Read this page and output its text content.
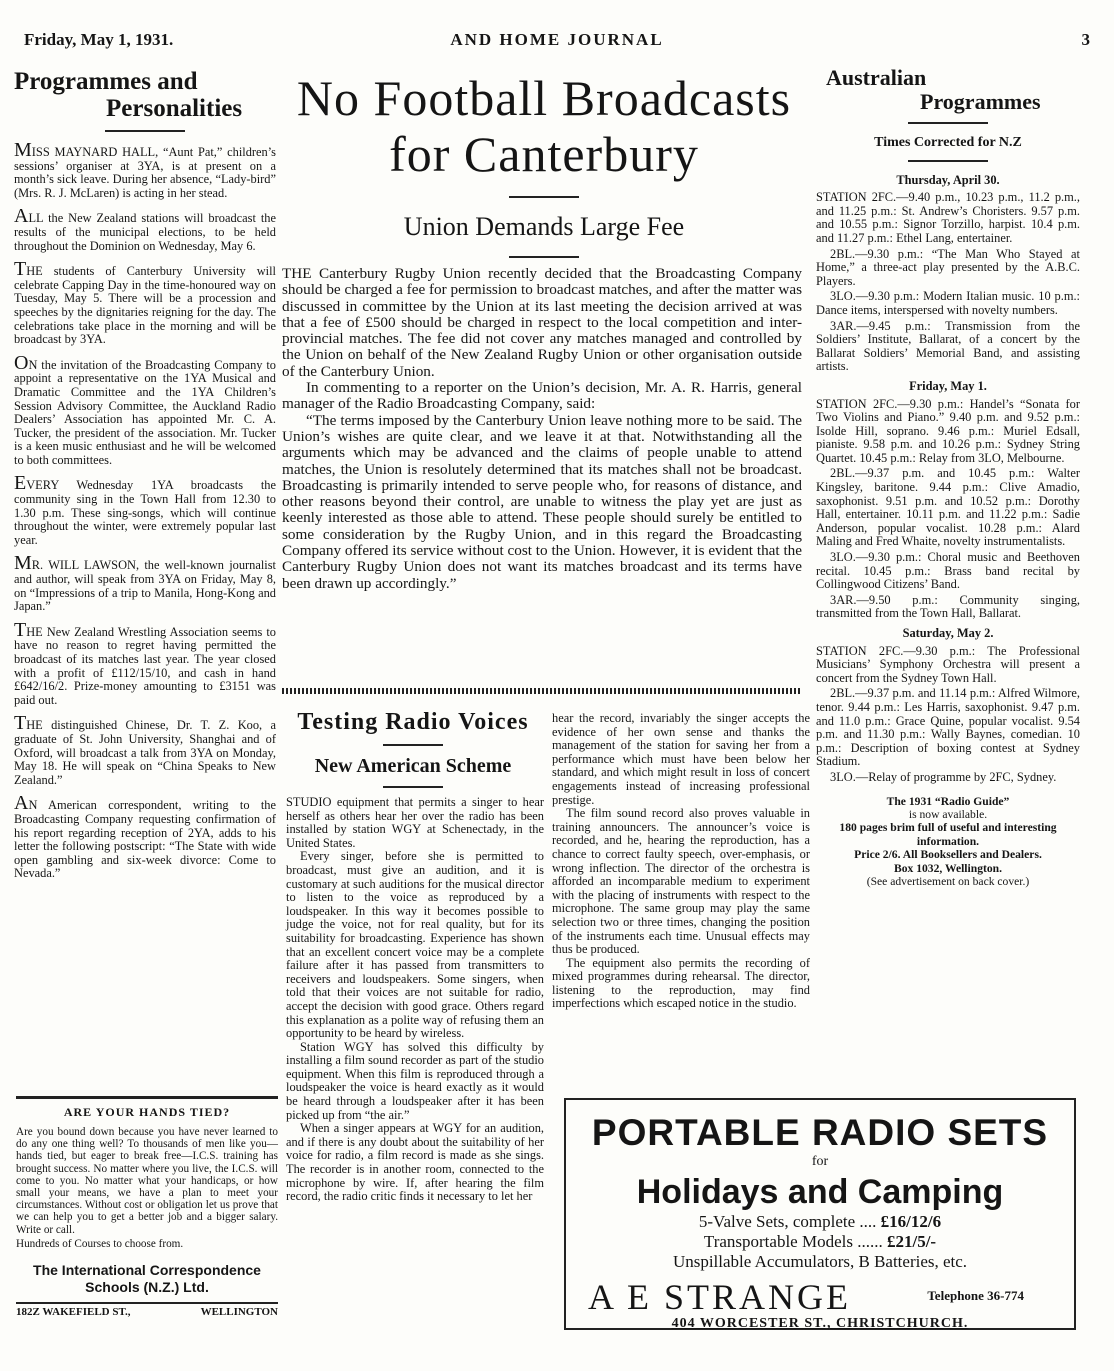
Friday, May 1, 1931.	AND HOME JOURNAL	3
Programmes and
Personalities

MISS MAYNARD HALL, “Aunt Pat,” children’s sessions’ organiser at 3YA, is at present on a month’s sick leave. During her absence, “Lady-bird” (Mrs. R. J. McLaren) is acting in her stead.

ALL the New Zealand stations will broadcast the results of the municipal elections, to be held throughout the Dominion on Wednesday, May 6.

THE students of Canterbury University will celebrate Capping Day in the time-honoured way on Tuesday, May 5. There will be a procession and speeches by the dignitaries reigning for the day. The celebrations take place in the morning and will be broadcast by 3YA.

ON the invitation of the Broadcasting Company to appoint a representative on the 1YA Musical and Dramatic Committee and the 1YA Children’s Session Advisory Committee, the Auckland Radio Dealers’ Association has appointed Mr. C. A. Tucker, the president of the association. Mr. Tucker is a keen music enthusiast and he will be welcomed to both committees.

EVERY Wednesday 1YA broadcasts the community sing in the Town Hall from 12.30 to 1.30 p.m. These sing-songs, which will continue throughout the winter, were extremely popular last year.

MR. WILL LAWSON, the well-known journalist and author, will speak from 3YA on Friday, May 8, on “Impressions of a trip to Manila, Hong-Kong and Japan.”

THE New Zealand Wrestling Association seems to have no reason to regret having permitted the broadcast of its matches last year. The year closed with a profit of £112/15/10, and cash in hand £642/16/2. Prize-money amounting to £3151 was paid out.

THE distinguished Chinese, Dr. T. Z. Koo, a graduate of St. John University, Shanghai and of Oxford, will broadcast a talk from 3YA on Monday, May 18. He will speak on “China Speaks to New Zealand.”

AN American correspondent, writing to the Broadcasting Company requesting confirmation of his report regarding reception of 2YA, adds to his letter the following postscript: “The State with wide open gambling and six-week divorce: Come to Nevada.”

No Football Broadcasts for Canterbury
Union Demands Large Fee

THE Canterbury Rugby Union recently decided that the Broadcasting Company should be charged a fee for permission to broadcast matches, and after the matter was discussed in committee by the Union at its last meeting the decision arrived at was that a fee of £500 should be charged in respect to the local competition and inter-provincial matches. The fee did not cover any matches managed and controlled by the Union on behalf of the New Zealand Rugby Union or other organisation outside of the Canterbury Union.

In commenting to a reporter on the Union’s decision, Mr. A. R. Harris, general manager of the Radio Broadcasting Company, said:

“The terms imposed by the Canterbury Union leave nothing more to be said. The Union’s wishes are quite clear, and we leave it at that. Notwithstanding all the arguments which may be advanced and the claims of people unable to attend matches, the Union is resolutely determined that its matches shall not be broadcast. Broadcasting is primarily intended to serve people who, for reasons of distance, and other reasons beyond their control, are unable to witness the play yet are just as keenly interested as those able to attend. These people should surely be entitled to some consideration by the Rugby Union, and in this regard the Broadcasting Company offered its service without cost to the Union. However, it is evident that the Canterbury Rugby Union does not want its matches broadcast and its terms have been drawn up accordingly.”

Testing Radio Voices
New American Scheme

STUDIO equipment that permits a singer to hear herself as others hear her over the radio has been installed by station WGY at Schenectady, in the United States.

Every singer, before she is permitted to broadcast, must give an audition, and it is customary at such auditions for the musical director to listen to the voice as reproduced by a loudspeaker. In this way it becomes possible to judge the voice, not for real quality, but for its suitability for broadcasting. Experience has shown that an excellent concert voice may be a complete failure after it has passed from transmitters to receivers and loudspeakers. Some singers, when told that their voices are not suitable for radio, accept the decision with good grace. Others regard this explanation as a polite way of refusing them an opportunity to be heard by wireless.

Station WGY has solved this difficulty by installing a film sound recorder as part of the studio equipment. When this film is reproduced through a loudspeaker the voice is heard exactly as it would be heard through a loudspeaker after it has been picked up from “the air.”

When a singer appears at WGY for an audition, and if there is any doubt about the suitability of her voice for radio, a film record is made as she sings. The recorder is in another room, connected to the microphone by wire. If, after hearing the film record, the radio critic finds it necessary to let her

hear the record, invariably the singer accepts the evidence of her own sense and thanks the management of the station for saving her from a performance which must have been below her standard, and which might result in loss of concert engagements instead of increasing professional prestige.

The film sound record also proves valuable in training announcers. The announcer’s voice is recorded, and he, hearing the reproduction, has a chance to correct faulty speech, over-emphasis, or wrong inflection. The director of the orchestra is afforded an incomparable medium to experiment with the placing of instruments with respect to the microphone. The same group may play the same selection two or three times, changing the position of the instruments each time. Unusual effects may thus be produced.

The equipment also permits the recording of mixed programmes during rehearsal. The director, listening to the reproduction, may find imperfections which escaped notice in the studio.

Australian
Programmes
Times Corrected for N.Z
Thursday, April 30.

STATION 2FC.—9.40 p.m., 10.23 p.m., 11.2 p.m., and 11.25 p.m.: St. Andrew’s Choristers. 9.57 p.m. and 10.55 p.m.: Signor Torzillo, harpist. 10.4 p.m. and 11.27 p.m.: Ethel Lang, entertainer.

2BL.—9.30 p.m.: “The Man Who Stayed at Home,” a three-act play presented by the A.B.C. Players.

3LO.—9.30 p.m.: Modern Italian music. 10 p.m.: Dance items, interspersed with novelty numbers.

3AR.—9.45 p.m.: Transmission from the Soldiers’ Institute, Ballarat, of a concert by the Ballarat Soldiers’ Memorial Band, and assisting artists.

Friday, May 1.

STATION 2FC.—9.30 p.m.: Handel’s “Sonata for Two Violins and Piano.” 9.40 p.m. and 9.52 p.m.: Isolde Hill, soprano. 9.46 p.m.: Muriel Edsall, pianiste. 9.58 p.m. and 10.26 p.m.: Sydney String Quartet. 10.45 p.m.: Relay from 3LO, Melbourne.

2BL.—9.37 p.m. and 10.45 p.m.: Walter Kingsley, baritone. 9.44 p.m.: Clive Amadio, saxophonist. 9.51 p.m. and 10.52 p.m.: Dorothy Hall, entertainer. 10.11 p.m. and 11.22 p.m.: Sadie Anderson, popular vocalist. 10.28 p.m.: Alard Maling and Fred Whaite, novelty instrumentalists.

3LO.—9.30 p.m.: Choral music and Beethoven recital. 10.45 p.m.: Brass band recital by Collingwood Citizens’ Band.

3AR.—9.50 p.m.: Community singing, transmitted from the Town Hall, Ballarat.

Saturday, May 2.

STATION 2FC.—9.30 p.m.: The Professional Musicians’ Symphony Orchestra will present a concert from the Sydney Town Hall.

2BL.—9.37 p.m. and 11.14 p.m.: Alfred Wilmore, tenor. 9.44 p.m.: Les Harris, saxophonist. 9.47 p.m. and 11.0 p.m.: Grace Quine, popular vocalist. 9.54 p.m. and 11.30 p.m.: Wally Baynes, comedian. 10 p.m.: Description of boxing contest at Sydney Stadium.

3LO.—Relay of programme by 2FC, Sydney.

The 1931 “Radio Guide”
is now available.
180 pages brim full of useful and interesting information.
Price 2/6. All Booksellers and Dealers.
Box 1032, Wellington.
(See advertisement on back cover.)
ARE YOUR HANDS TIED?
Are you bound down because you have never learned to do any one thing well? To thousands of men like you—hands tied, but eager to break free—I.C.S. training has brought success. No matter where you live, the I.C.S. will come to you. No matter what your handicaps, or how small your means, we have a plan to meet your circumstances. Without cost or obligation let us prove that we can help you to get a better job and a bigger salary. Write or call.
Hundreds of Courses to choose from.
The International Correspondence
Schools (N.Z.) Ltd.
182Z WAKEFIELD ST.,	WELLINGTON
PORTABLE RADIO SETS
for
Holidays and Camping
5-Valve Sets, complete .... £16/12/6
Transportable Models ...... £21/5/-
Unspillable Accumulators, B Batteries, etc.
A E STRANGE	Telephone 36-774
404 WORCESTER ST., CHRISTCHURCH.
